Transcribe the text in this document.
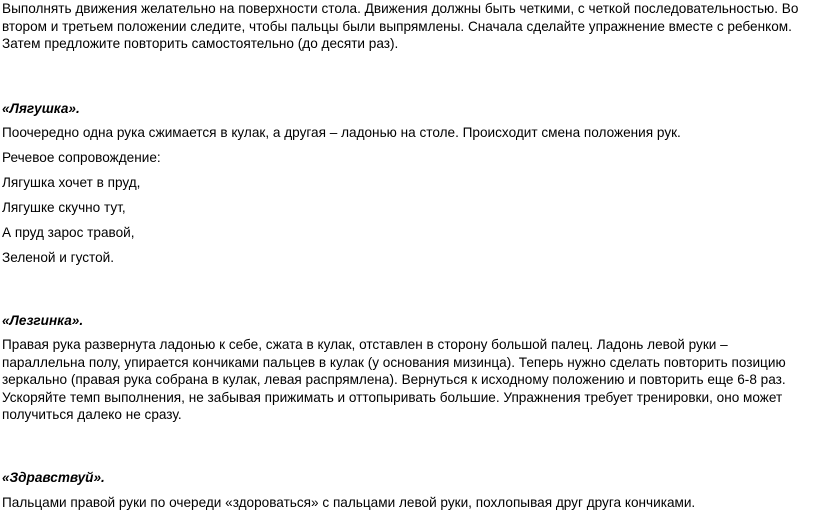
Выполнять движения желательно на поверхности стола. Движения должны быть четкими, с четкой последовательностью. Во втором и третьем положении следите, чтобы пальцы были выпрямлены. Сначала сделайте упражнение вместе с ребенком. Затем предложите повторить самостоятельно (до десяти раз).

«Лягушка».

Поочередно одна рука сжимается в кулак, а другая – ладонью на столе. Происходит смена положения рук.

Речевое сопровождение:

Лягушка хочет в пруд,

Лягушке скучно тут,

А пруд зарос травой,

Зеленой и густой.

«Лезгинка».

Правая рука развернута ладонью к себе, сжата в кулак, отставлен в сторону большой палец. Ладонь левой руки – параллельна полу, упирается кончиками пальцев в кулак (у основания мизинца). Теперь нужно сделать повторить позицию зеркально (правая рука собрана в кулак, левая распрямлена). Вернуться к исходному положению и повторить еще 6-8 раз. Ускоряйте темп выполнения, не забывая прижимать и оттопыривать большие. Упражнения требует тренировки, оно может получиться далеко не сразу.

«Здравствуй».

Пальцами правой руки по очереди «здороваться» с пальцами левой руки, похлопывая друг друга кончиками.
